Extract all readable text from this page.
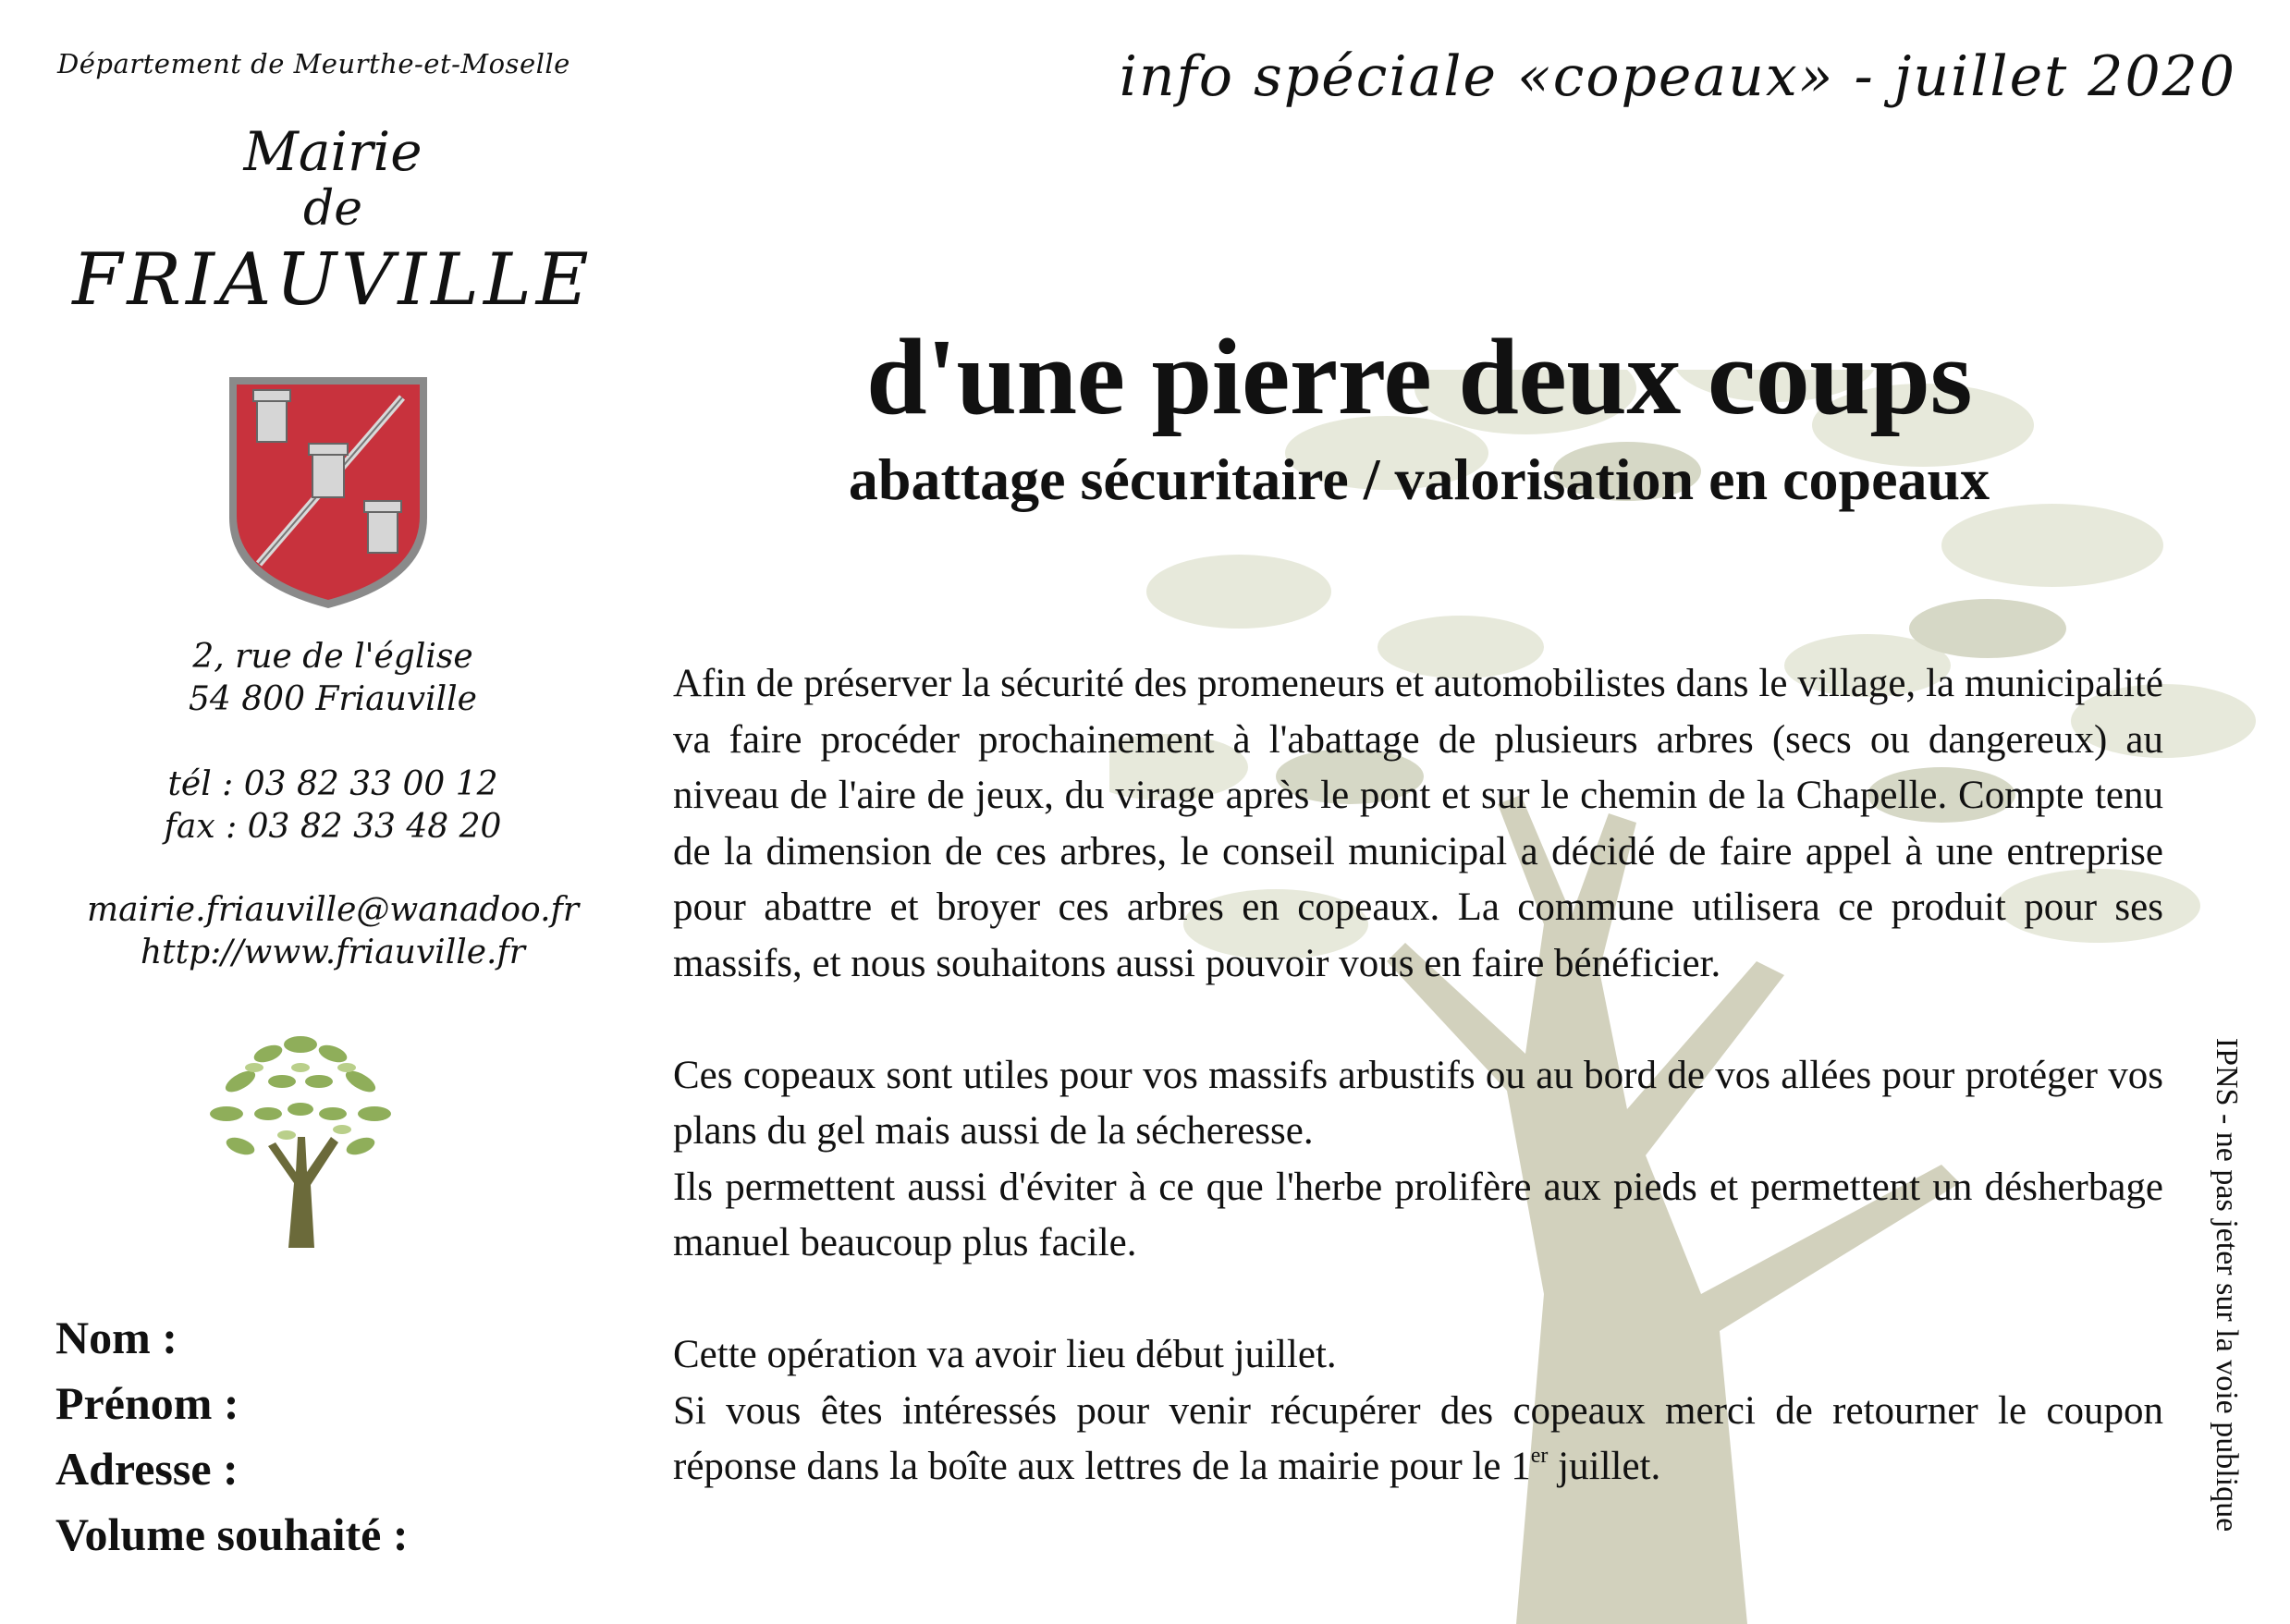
Département de Meurthe-et-Moselle
Mairie
de
FRIAUVILLE
2, rue de l'église
54 800 Friauville
tél : 03 82 33 00 12
fax : 03 82 33 48 20
mairie.friauville@wanadoo.fr
http://www.friauville.fr
Nom :
Prénom :
Adresse :
Volume souhaité :
info spéciale «copeaux» - juillet 2020
d'une pierre deux coups
abattage sécuritaire / valorisation en copeaux

Afin de préserver la sécurité des promeneurs et automobilistes dans le village, la municipalité va faire procéder prochainement à l'abattage de plusieurs arbres (secs ou dangereux) au niveau de l'aire de jeux, du virage après le pont et sur le chemin de la Chapelle. Compte tenu de la dimension de ces arbres, le conseil municipal a décidé de faire appel à une entreprise pour abattre et broyer ces arbres en copeaux. La commune utilisera ce produit pour ses massifs, et nous souhaitons aussi pouvoir vous en faire bénéficier.

Ces copeaux sont utiles pour vos massifs arbustifs ou au bord de vos allées pour protéger vos plans du gel mais aussi de la sécheresse.

Ils permettent aussi d'éviter à ce que l'herbe prolifère aux pieds et permettent un désherbage manuel beaucoup plus facile.

Cette opération va avoir lieu début juillet.

Si vous êtes intéressés pour venir récupérer des copeaux merci de retourner le coupon réponse dans la boîte aux lettres de la mairie pour le 1er juillet.	IPNS - ne pas jeter sur la voie publique
